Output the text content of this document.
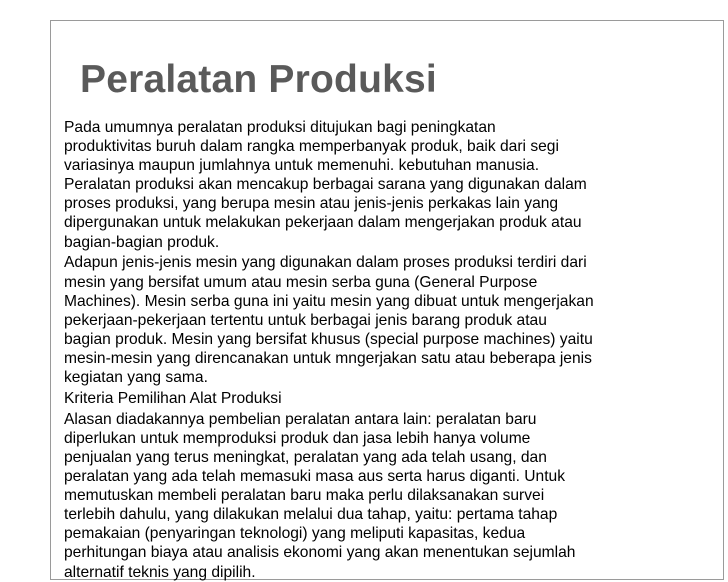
Peralatan Produksi

Pada umumnya peralatan produksi ditujukan bagi peningkatan
produktivitas buruh dalam rangka memperbanyak produk, baik dari segi
variasinya maupun jumlahnya untuk memenuhi. kebutuhan manusia.
Peralatan produksi akan mencakup berbagai sarana yang digunakan dalam
proses produksi, yang berupa mesin atau jenis-jenis perkakas lain yang
dipergunakan untuk melakukan pekerjaan dalam mengerjakan produk atau
bagian-bagian produk.

Adapun jenis-jenis mesin yang digunakan dalam proses produksi terdiri dari
mesin yang bersifat umum atau mesin serba guna (General Purpose
Machines). Mesin serba guna ini yaitu mesin yang dibuat untuk mengerjakan
pekerjaan-pekerjaan tertentu untuk berbagai jenis barang produk atau
bagian produk. Mesin yang bersifat khusus (special purpose machines) yaitu
mesin-mesin yang direncanakan untuk mngerjakan satu atau beberapa jenis
kegiatan yang sama.

Kriteria Pemilihan Alat Produksi

Alasan diadakannya pembelian peralatan antara lain: peralatan baru
diperlukan untuk memproduksi produk dan jasa lebih hanya volume
penjualan yang terus meningkat, peralatan yang ada telah usang, dan
peralatan yang ada telah memasuki masa aus serta harus diganti. Untuk
memutuskan membeli peralatan baru maka perlu dilaksanakan survei
terlebih dahulu, yang dilakukan melalui dua tahap, yaitu: pertama tahap
pemakaian (penyaringan teknologi) yang meliputi kapasitas, kedua
perhitungan biaya atau analisis ekonomi yang akan menentukan sejumlah
alternatif teknis yang dipilih.
